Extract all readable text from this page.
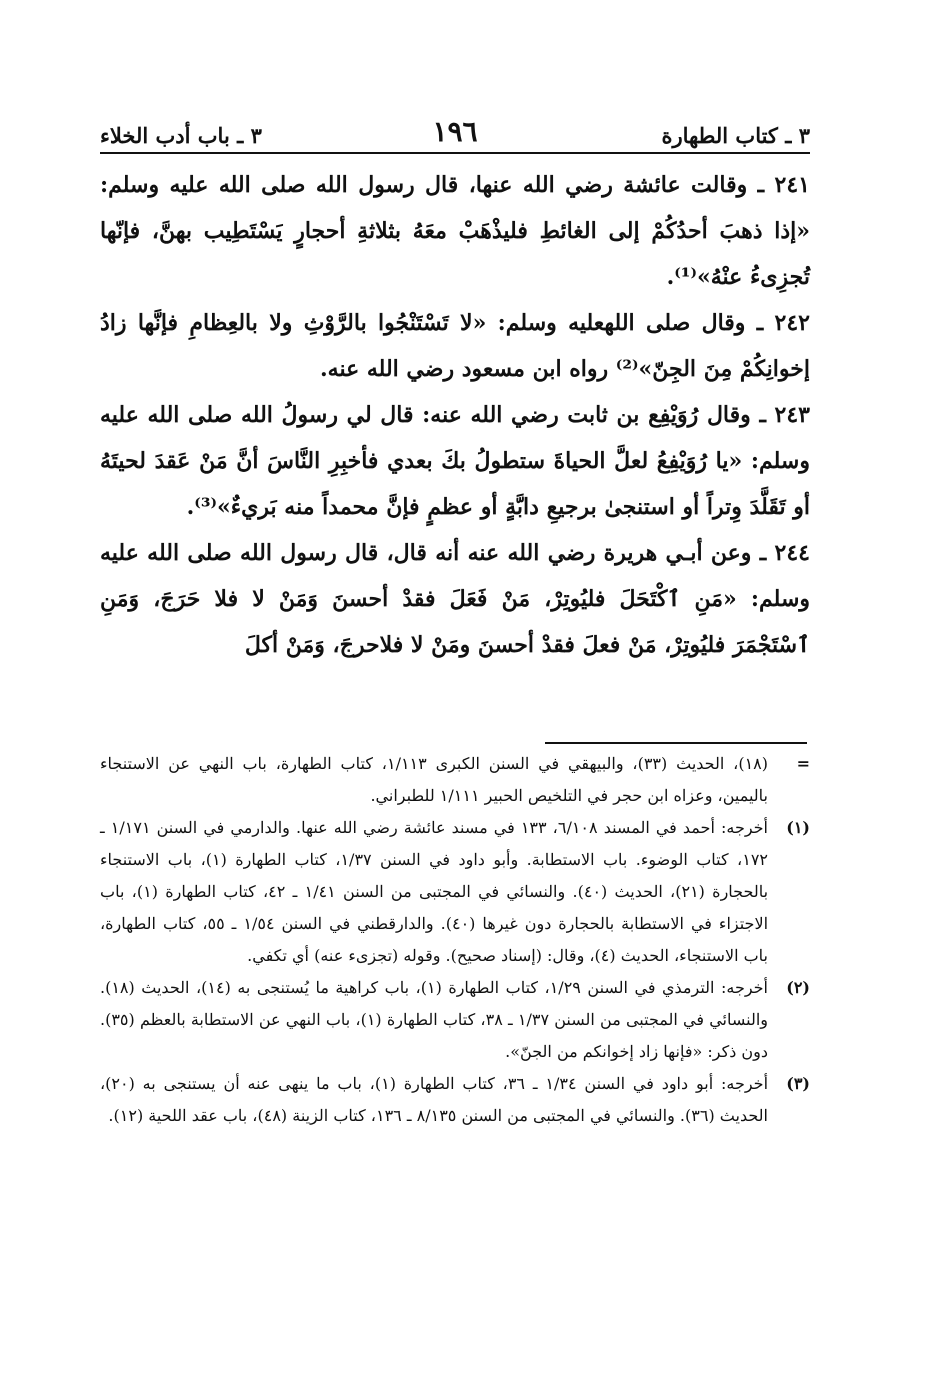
٣ ـ كتاب الطهارة
١٩٦
٣ ـ باب أدب الخلاء

٢٤١ ـ وقالت عائشة رضي الله عنها، قال رسول الله صلى الله عليه وسلم: «إذا ذهبَ أحدُكُمْ إلى الغائطِ فليذْهَبْ معَهُ بثلاثةِ أحجارٍ يَسْتَطِيب بهنَّ، فإنّها تُجزِىءُ عنْهُ»⁽¹⁾.

٢٤٢ ـ وقال صلى اللهعليه وسلم: «لا تَسْتَنْجُوا بالرَّوْثِ ولا بالعِظامِ فإنَّها زادُ إخوانِكُمْ مِنَ الجِنّ»⁽²⁾ رواه ابن مسعود رضي الله عنه.

٢٤٣ ـ وقال رُوَيْفِع بن ثابت رضي الله عنه: قال لي رسولُ الله صلى الله عليه وسلم: «يا رُوَيْفِعُ لعلَّ الحياةَ ستطولُ بكَ بعدي فأخبِرِ النَّاسَ أنَّ مَنْ عَقدَ لحيتَهُ أو تَقَلَّدَ وِتراً أو استنجىٰ برجيعِ دابَّةٍ أو عظمٍ فإنَّ محمداً منه بَريءٌ»⁽³⁾.

٢٤٤ ـ وعن أبـي هريرة رضي الله عنه أنه قال، قال رسول الله صلى الله عليه وسلم: «مَنِ ٱكْتَحَلَ فليُوتِرْ، مَنْ فَعَلَ فقدْ أحسنَ وَمَنْ لا فلا حَرَجَ، وَمَنِ ٱسْتَجْمَرَ فليُوتِرْ، مَنْ فعلَ فقدْ أحسنَ ومَنْ لا فلاحرجَ، وَمَنْ أكلَ

=
(١٨)، الحديث (٣٣)، والبيهقي في السنن الكبرى ١/١١٣، كتاب الطهارة، باب النهي عن الاستنجاء باليمين، وعزاه ابن حجر في التلخيص الحبير ١/١١١ للطبراني.
(١)
أخرجه: أحمد في المسند ٦/١٠٨، ١٣٣ في مسند عائشة رضي الله عنها. والدارمي في السنن ١/١٧١ ـ ١٧٢، كتاب الوضوء. باب الاستطابة. وأبو داود في السنن ١/٣٧، كتاب الطهارة (١)، باب الاستنجاء بالحجارة (٢١)، الحديث (٤٠). والنسائي في المجتبى من السنن ١/٤١ ـ ٤٢، كتاب الطهارة (١)، باب الاجتزاء في الاستطابة بالحجارة دون غيرها (٤٠). والدارقطني في السنن ١/٥٤ ـ ٥٥، كتاب الطهارة، باب الاستنجاء، الحديث (٤)، وقال: (إسناد صحيح). وقوله (تجزىء عنه) أي تكفي.
(٢)
أخرجه: الترمذي في السنن ١/٢٩، كتاب الطهارة (١)، باب كراهية ما يُستنجى به (١٤)، الحديث (١٨). والنسائي في المجتبى من السنن ١/٣٧ ـ ٣٨، كتاب الطهارة (١)، باب النهي عن الاستطابة بالعظم (٣٥). دون ذكر: «فإنها زاد إخوانكم من الجنّ».
(٣)
أخرجه: أبو داود في السنن ١/٣٤ ـ ٣٦، كتاب الطهارة (١)، باب ما ينهى عنه أن يستنجى به (٢٠)، الحديث (٣٦). والنسائي في المجتبى من السنن ٨/١٣٥ ـ ١٣٦، كتاب الزينة (٤٨)، باب عقد اللحية (١٢).
